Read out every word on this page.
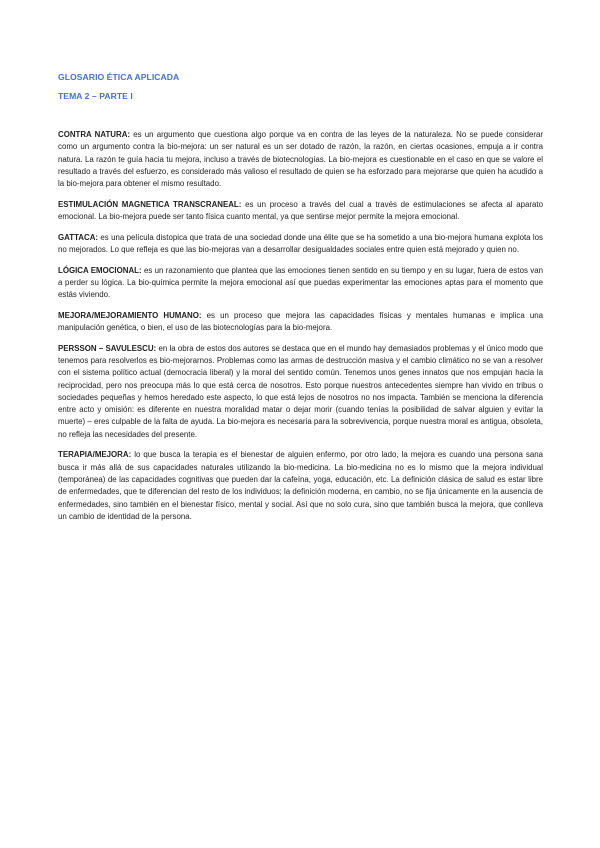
GLOSARIO ÉTICA APLICADA

TEMA 2 – PARTE I

CONTRA NATURA: es un argumento que cuestiona algo porque va en contra de las leyes de la naturaleza. No se puede considerar como un argumento contra la bio-mejora: un ser natural es un ser dotado de razón, la razón, en ciertas ocasiones, empuja a ir contra natura. La razón te guía hacia tu mejora, incluso a través de biotecnologías. La bio-mejora es cuestionable en el caso en que se valore el resultado a través del esfuerzo, es considerado más valioso el resultado de quien se ha esforzado para mejorarse que quien ha acudido a la bio-mejora para obtener el mismo resultado.

ESTIMULACIÓN MAGNETICA TRANSCRANEAL: es un proceso a través del cual a través de estimulaciones se afecta al aparato emocional. La bio-mejora puede ser tanto física cuanto mental, ya que sentirse mejor permite la mejora emocional.

GATTACA: es una película distopica que trata de una sociedad donde una élite que se ha sometido a una bio-mejora humana explota los no mejorados. Lo que refleja es que las bio-mejoras van a desarrollar desigualdades sociales entre quien está mejorado y quien no.

LÓGICA EMOCIONAL: es un razonamiento que plantea que las emociones tienen sentido en su tiempo y en su lugar, fuera de estos van a perder su lógica. La bio-química permite la mejora emocional así que puedas experimentar las emociones aptas para el momento que estás viviendo.

MEJORA/MEJORAMIENTO HUMANO: es un proceso que mejora las capacidades físicas y mentales humanas e implica una manipulación genética, o bien, el uso de las biotecnologías para la bio-mejora.

PERSSON – SAVULESCU: en la obra de estos dos autores se destaca que en el mundo hay demasiados problemas y el único modo que tenemos para resolverlos es bio-mejorarnos. Problemas como las armas de destrucción masiva y el cambio climático no se van a resolver con el sistema político actual (democracia liberal) y la moral del sentido común. Tenemos unos genes innatos que nos empujan hacia la reciprocidad, pero nos preocupa más lo que está cerca de nosotros. Esto porque nuestros antecedentes siempre han vivido en tribus o sociedades pequeñas y hemos heredado este aspecto, lo que está lejos de nosotros no nos impacta. También se menciona la diferencia entre acto y omisión: es diferente en nuestra moralidad matar o dejar morir (cuando tenías la posibilidad de salvar alguien y evitar la muerte) – eres culpable de la falta de ayuda. La bio-mejora es necesaria para la sobrevivencia, porque nuestra moral es antigua, obsoleta, no refleja las necesidades del presente.

TERAPIA/MEJORA: lo que busca la terapia es el bienestar de alguien enfermo, por otro lado, la mejora es cuando una persona sana busca ir más allá de sus capacidades naturales utilizando la bio-medicina. La bio-medicina no es lo mismo que la mejora individual (temporánea) de las capacidades cognitivas que pueden dar la cafeína, yoga, educación, etc. La definición clásica de salud es estar libre de enfermedades, que te diferencian del resto de los individuos; la definición moderna, en cambio, no se fija únicamente en la ausencia de enfermedades, sino también en el bienestar físico, mental y social. Así que no solo cura, sino que también busca la mejora, que conlleva un cambio de identidad de la persona.
